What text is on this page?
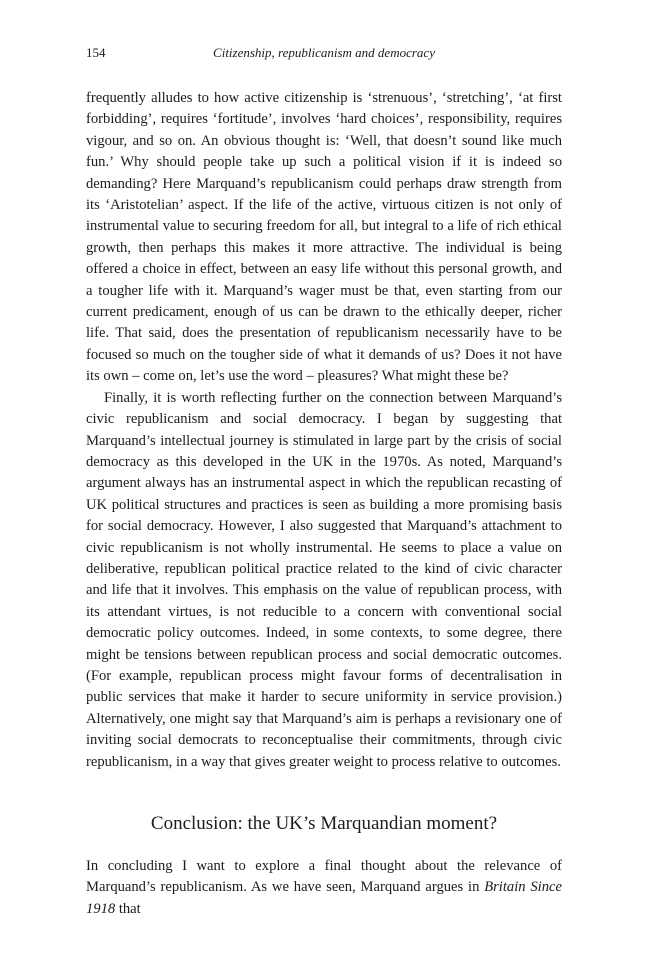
154	Citizenship, republicanism and democracy

frequently alludes to how active citizenship is ‘strenuous’, ‘stretching’, ‘at first forbidding’, requires ‘fortitude’, involves ‘hard choices’, responsibility, requires vigour, and so on. An obvious thought is: ‘Well, that doesn’t sound like much fun.’ Why should people take up such a political vision if it is indeed so demanding? Here Marquand’s republicanism could perhaps draw strength from its ‘Aristotelian’ aspect. If the life of the active, virtuous citizen is not only of instrumental value to securing freedom for all, but integral to a life of rich ethical growth, then perhaps this makes it more attractive. The individual is being offered a choice in effect, between an easy life without this personal growth, and a tougher life with it. Marquand’s wager must be that, even starting from our current predicament, enough of us can be drawn to the ethically deeper, richer life. That said, does the presentation of republicanism necessarily have to be focused so much on the tougher side of what it demands of us? Does it not have its own – come on, let’s use the word – pleasures? What might these be?

Finally, it is worth reflecting further on the connection between Marquand’s civic republicanism and social democracy. I began by suggesting that Marquand’s intellectual journey is stimulated in large part by the crisis of social democracy as this developed in the UK in the 1970s. As noted, Marquand’s argument always has an instrumental aspect in which the republican recasting of UK political structures and practices is seen as building a more promising basis for social democracy. However, I also suggested that Marquand’s attachment to civic republicanism is not wholly instrumental. He seems to place a value on deliberative, republican political practice related to the kind of civic character and life that it involves. This emphasis on the value of republican process, with its attendant virtues, is not reducible to a concern with conventional social democratic policy outcomes. Indeed, in some contexts, to some degree, there might be tensions between republican process and social democratic outcomes. (For example, republican process might favour forms of decentralisation in public services that make it harder to secure uniformity in service provision.) Alternatively, one might say that Marquand’s aim is perhaps a revisionary one of inviting social democrats to reconceptualise their commitments, through civic republicanism, in a way that gives greater weight to process relative to outcomes.

Conclusion: the UK’s Marquandian moment?

In concluding I want to explore a final thought about the relevance of Marquand’s republicanism. As we have seen, Marquand argues in Britain Since 1918 that
